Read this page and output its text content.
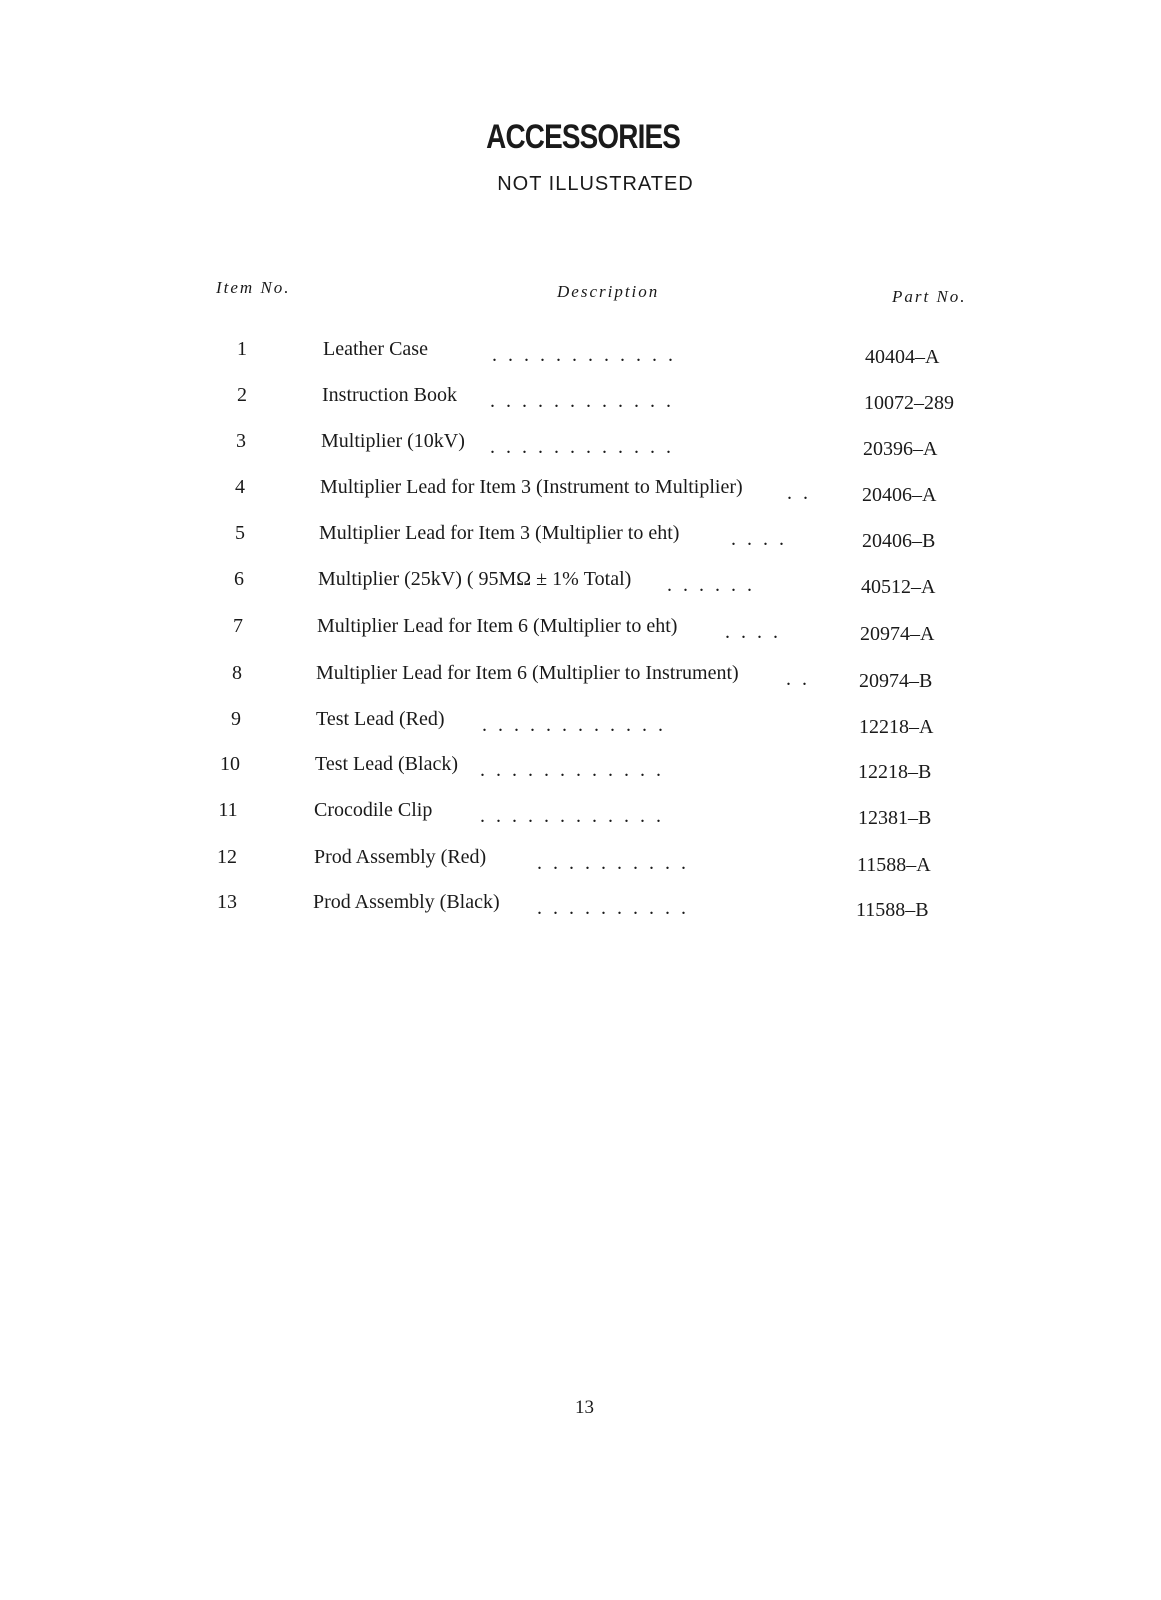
ACCESSORIES
NOT ILLUSTRATED
Item No.	Description	Part No.
1	Leather Case	. . . . . . . . . . . .	40404–A
2	Instruction Book . . . . . . . . . . . .	10072–289
3	Multiplier (10kV) . . . . . . . . . . . .	20396–A
4	Multiplier Lead for Item 3 (Instrument to Multiplier) . .	20406–A
5	Multiplier Lead for Item 3 (Multiplier to eht)	. . . .	20406–B
6	Multiplier (25kV) ( 95MΩ ± 1% Total) . . . . . .	40512–A
7	Multiplier Lead for Item 6 (Multiplier to eht) . . . .	20974–A
8	Multiplier Lead for Item 6 (Multiplier to Instrument) . . 20974–B
9	Test Lead (Red) . . . . . . . . . . . .	12218–A
10	Test Lead (Black) . . . . . . . . . . . .	12218–B
11	Crocodile Clip . . . . . . . . . . . .	12381–B
12	Prod Assembly (Red)	. . . . . . . . . .	11588–A
13	Prod Assembly (Black) . . . . . . . . . .	11588–B
13
